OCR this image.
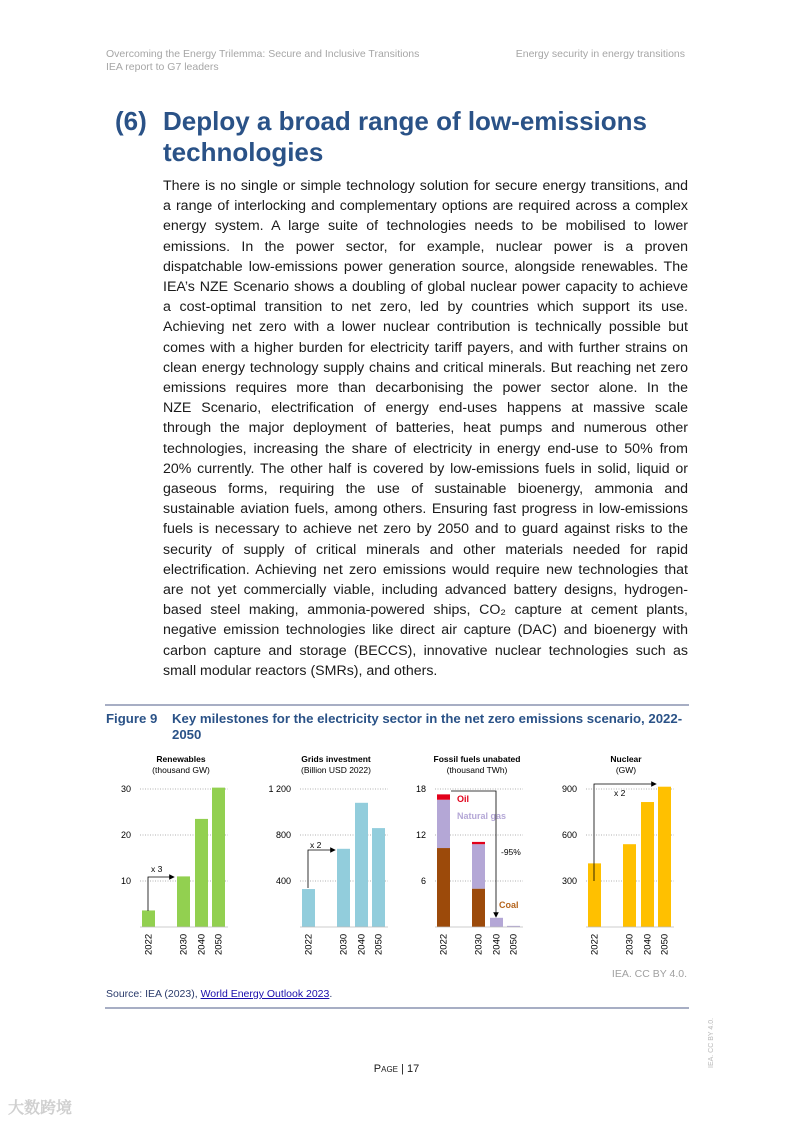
Overcoming the Energy Trilemma: Secure and Inclusive Transitions
IEA report to G7 leaders
Energy security in energy transitions
(6) Deploy a broad range of low-emissions technologies
There is no single or simple technology solution for secure energy transitions, and
a range of interlocking and complementary options are required across a complex
energy system. A large suite of technologies needs to be mobilised to lower
emissions. In the power sector, for example, nuclear power is a proven
dispatchable low-emissions power generation source, alongside renewables. The
IEA’s NZE Scenario shows a doubling of global nuclear power capacity to achieve
a cost-optimal transition to net zero, led by countries which support its use.
Achieving net zero with a lower nuclear contribution is technically possible but
comes with a higher burden for electricity tariff payers, and with further strains on
clean energy technology supply chains and critical minerals. But reaching net zero
emissions requires more than decarbonising the power sector alone. In the
NZE Scenario, electrification of energy end-uses happens at massive scale
through the major deployment of batteries, heat pumps and numerous other
technologies, increasing the share of electricity in energy end-use to 50% from
20% currently. The other half is covered by low-emissions fuels in solid, liquid or
gaseous forms, requiring the use of sustainable bioenergy, ammonia and
sustainable aviation fuels, among others. Ensuring fast progress in low-emissions
fuels is necessary to achieve net zero by 2050 and to guard against risks to the
security of supply of critical minerals and other materials needed for rapid
electrification. Achieving net zero emissions would require new technologies that
are not yet commercially viable, including advanced battery designs, hydrogen-
based steel making, ammonia-powered ships, CO₂ capture at cement plants,
negative emission technologies like direct air capture (DAC) and bioenergy with
carbon capture and storage (BECCS), innovative nuclear technologies such as
small modular reactors (SMRs), and others.
Figure 9 Key milestones for the electricity sector in the net zero emissions scenario, 2022-2050
Renewables
(thousand GW)
10
20
30
2022	2030 2040 2050
Grids investment
(Billion USD 2022)
400
800
1 200
2022	2030 2040 2050
Fossil fuels unabated
(thousand TWh)
6
12
18
2022	2030 2040 2050
Nuclear
(GW)
300
600
900
2022	2030 2040 2050
x 3
x 2
-95%
Oil
Natural gas
Coal
x 2
IEA. CC BY 4.0.
Source: IEA (2023), World Energy Outlook 2023.
IEA. CC BY 4.0.
Page | 17
大数跨境
